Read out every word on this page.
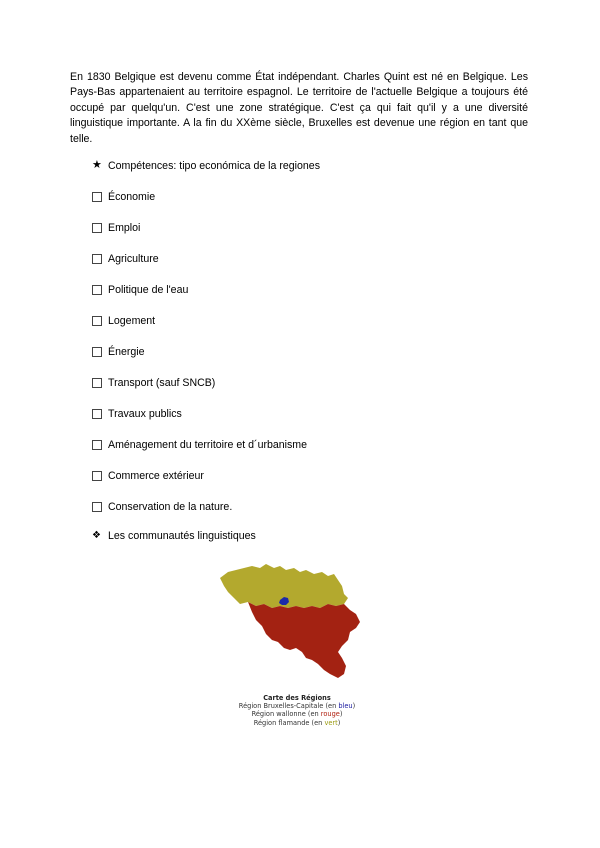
En 1830 Belgique est devenu comme État indépendant. Charles Quint est né en Belgique. Les Pays-Bas appartenaient au territoire espagnol. Le territoire de l'actuelle Belgique a toujours été occupé par quelqu'un. C'est une zone stratégique. C'est ça qui fait qu'il y a une diversité linguistique importante. A la fin du XXème siècle, Bruxelles est devenue une région en tant que telle.

★ Compétences: tipo económica de la regiones
Économie
Emploi
Agriculture
Politique de l'eau
Logement
Énergie
Transport (sauf SNCB)
Travaux publics
Aménagement du territoire et d´urbanisme
Commerce extérieur
Conservation de la nature.
❖ Les communautés linguistiques
Carte des Régions
Région Bruxelles-Capitale (en bleu)
Région wallonne (en rouge)
Région flamande (en vert)
